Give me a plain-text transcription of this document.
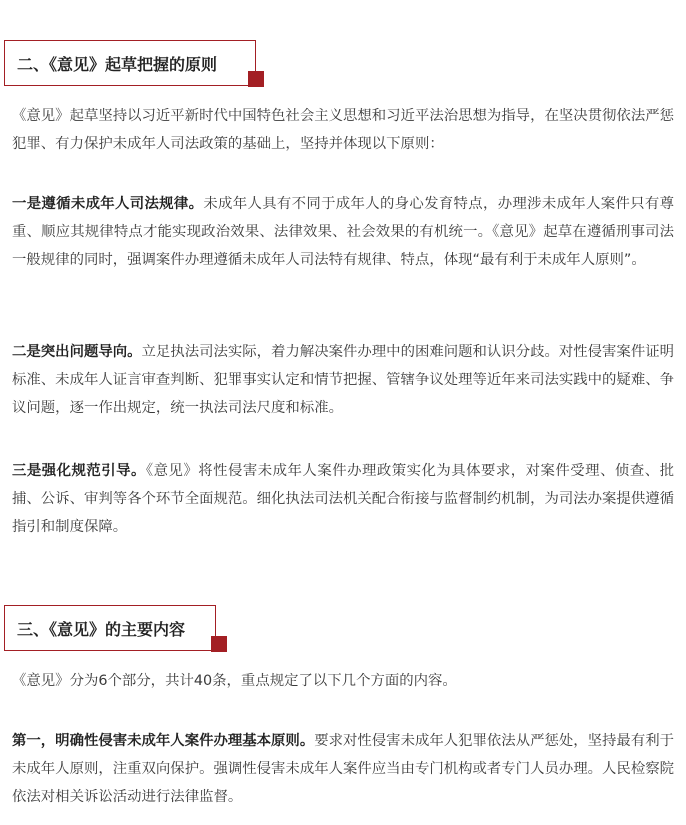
二、《意见》起草把握的原则

《意见》起草坚持以习近平新时代中国特色社会主义思想和习近平法治思想为指导，在坚决贯彻依法严惩犯罪、有力保护未成年人司法政策的基础上，坚持并体现以下原则：

一是遵循未成年人司法规律。未成年人具有不同于成年人的身心发育特点，办理涉未成年人案件只有尊重、顺应其规律特点才能实现政治效果、法律效果、社会效果的有机统一。《意见》起草在遵循刑事司法一般规律的同时，强调案件办理遵循未成年人司法特有规律、特点，体现“最有利于未成年人原则”。

二是突出问题导向。立足执法司法实际，着力解决案件办理中的困难问题和认识分歧。对性侵害案件证明标准、未成年人证言审查判断、犯罪事实认定和情节把握、管辖争议处理等近年来司法实践中的疑难、争议问题，逐一作出规定，统一执法司法尺度和标准。

三是强化规范引导。《意见》将性侵害未成年人案件办理政策实化为具体要求，对案件受理、侦查、批捕、公诉、审判等各个环节全面规范。细化执法司法机关配合衔接与监督制约机制，为司法办案提供遵循指引和制度保障。

三、《意见》的主要内容

《意见》分为6个部分，共计40条，重点规定了以下几个方面的内容。

第一，明确性侵害未成年人案件办理基本原则。要求对性侵害未成年人犯罪依法从严惩处，坚持最有利于未成年人原则，注重双向保护。强调性侵害未成年人案件应当由专门机构或者专门人员办理。人民检察院依法对相关诉讼活动进行法律监督。
